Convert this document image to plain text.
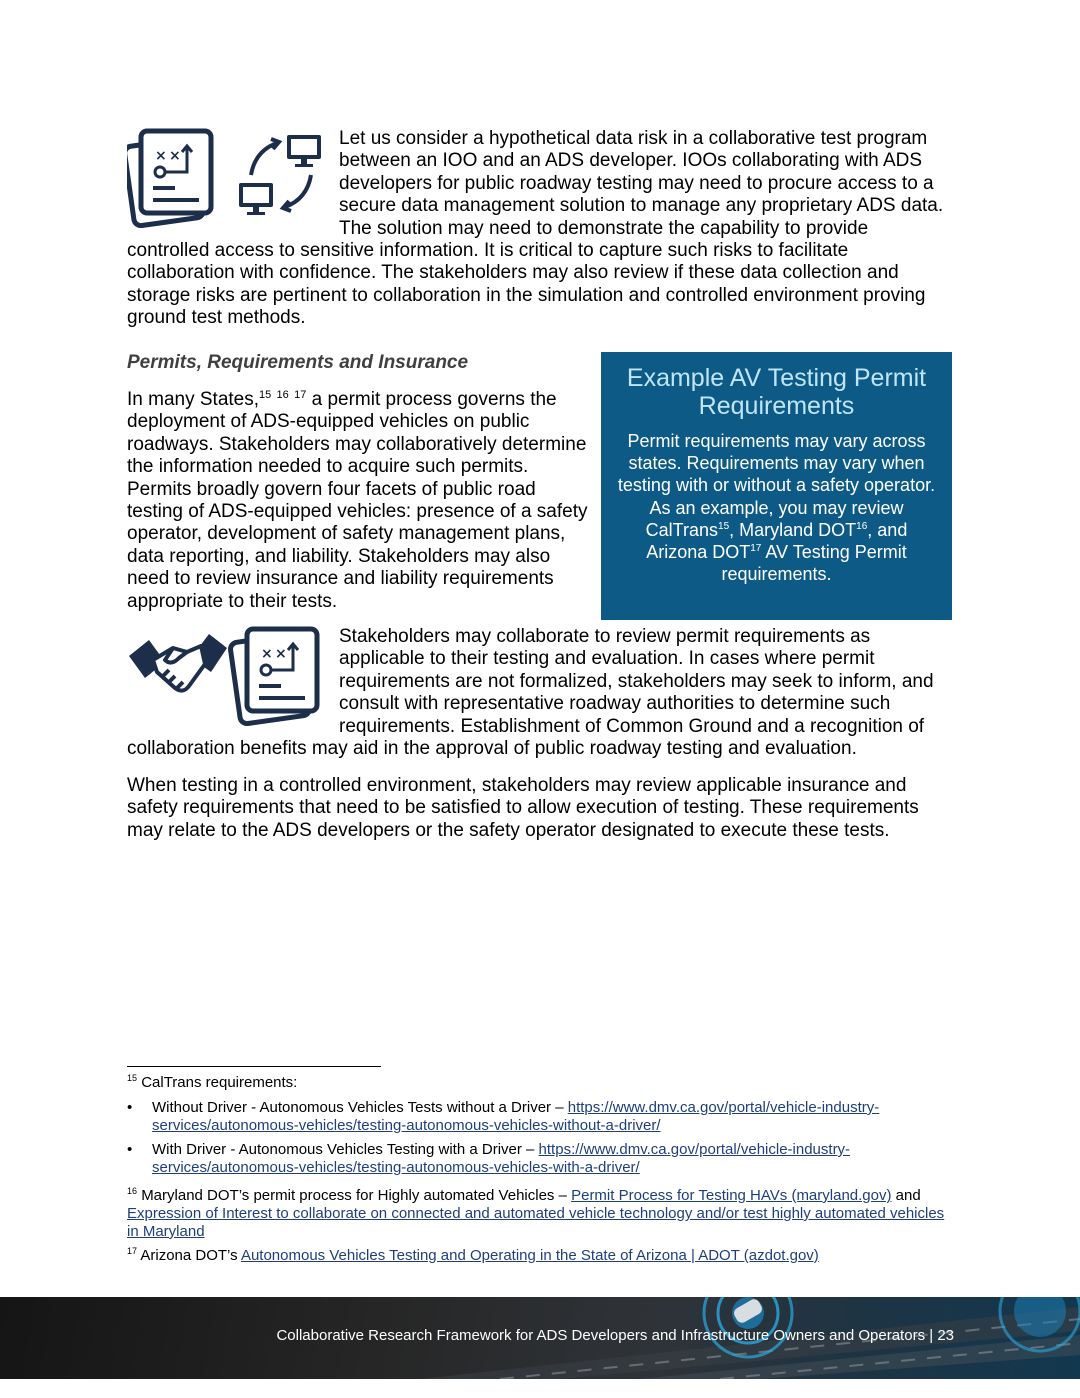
× ×

Let us consider a hypothetical data risk in a collaborative test program between an IOO and an ADS developer. IOOs collaborating with ADS developers for public roadway testing may need to procure access to a secure data management solution to manage any proprietary ADS data. The solution may need to demonstrate the capability to provide controlled access to sensitive information. It is critical to capture such risks to facilitate collaboration with confidence. The stakeholders may also review if these data collection and storage risks are pertinent to collaboration in the simulation and controlled environment proving ground test methods.

Permits, Requirements and Insurance

In many States,$^{15}$ $^{16}$ $^{17}$ a permit process governs the deployment of ADS-equipped vehicles on public roadways. Stakeholders may collaboratively determine the information needed to acquire such permits. Permits broadly govern four facets of public road testing of ADS-equipped vehicles: presence of a safety operator, development of safety management plans, data reporting, and liability. Stakeholders may also need to review insurance and liability requirements appropriate to their tests.

Example AV Testing Permit Requirements

Permit requirements may vary across states. Requirements may vary when testing with or without a safety operator. As an example, you may review CalTrans$^{15}$, Maryland DOT$^{16}$, and Arizona DOT$^{17}$ AV Testing Permit requirements.

× ×

Stakeholders may collaborate to review permit requirements as applicable to their testing and evaluation. In cases where permit requirements are not formalized, stakeholders may seek to inform, and consult with representative roadway authorities to determine such requirements. Establishment of Common Ground and a recognition of collaboration benefits may aid in the approval of public roadway testing and evaluation.

When testing in a controlled environment, stakeholders may review applicable insurance and safety requirements that need to be satisfied to allow execution of testing. These requirements may relate to the ADS developers or the safety operator designated to execute these tests.

$^{15}$ CalTrans requirements:

• Without Driver - Autonomous Vehicles Tests without a Driver – https://www.dmv.ca.gov/portal/vehicle-industry-services/autonomous-vehicles/testing-autonomous-vehicles-without-a-driver/
• With Driver - Autonomous Vehicles Testing with a Driver – https://www.dmv.ca.gov/portal/vehicle-industry-services/autonomous-vehicles/testing-autonomous-vehicles-with-a-driver/

$^{16}$ Maryland DOT’s permit process for Highly automated Vehicles – Permit Process for Testing HAVs (maryland.gov) and Expression of Interest to collaborate on connected and automated vehicle technology and/or test highly automated vehicles in Maryland

$^{17}$ Arizona DOT’s Autonomous Vehicles Testing and Operating in the State of Arizona | ADOT (azdot.gov)

Collaborative Research Framework for ADS Developers and Infrastructure Owners and Operators | 23
